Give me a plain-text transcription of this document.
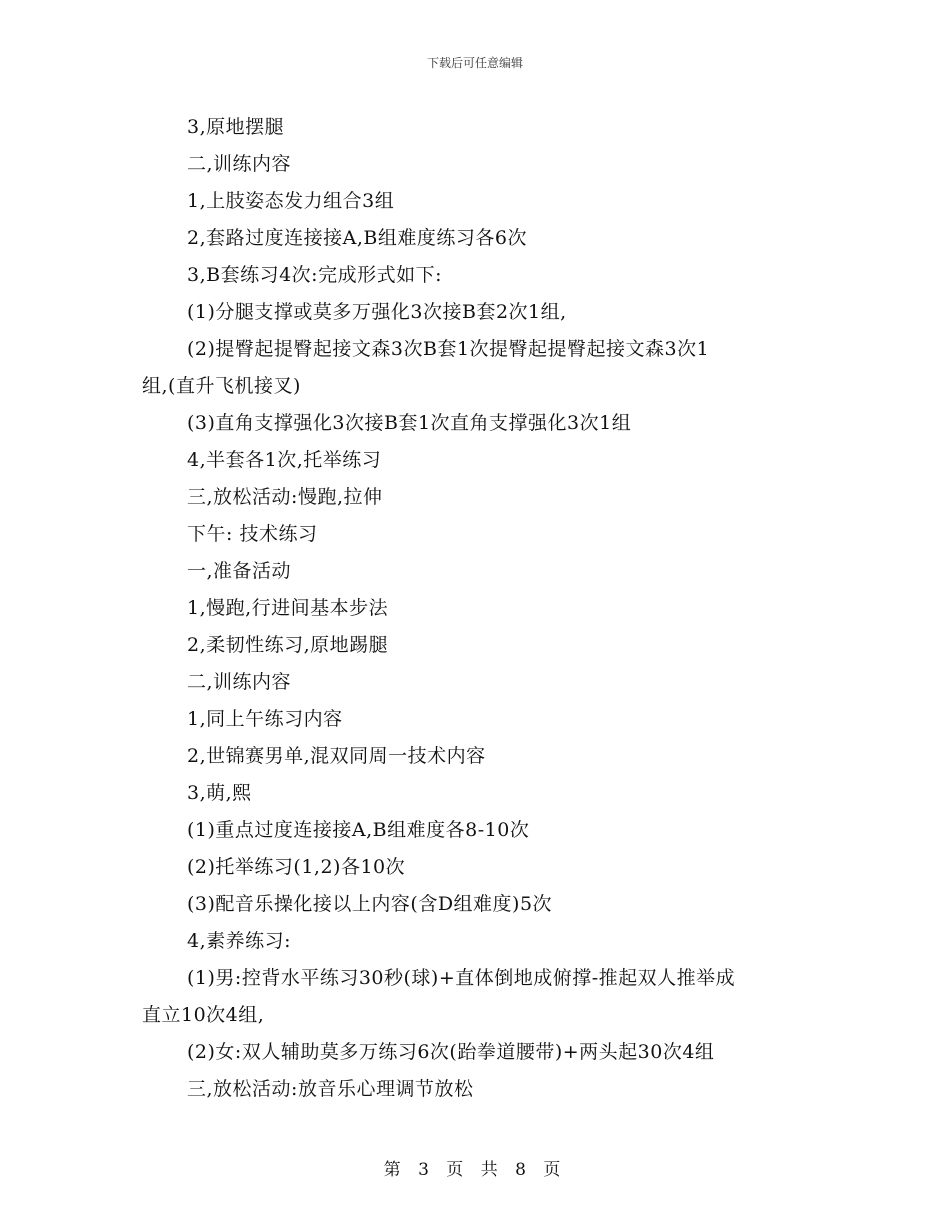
下载后可任意编辑
3,原地摆腿
二,训练内容
1,上肢姿态发力组合3组
2,套路过度连接接A,B组难度练习各6次
3,B套练习4次:完成形式如下:
(1)分腿支撑或莫多万强化3次接B套2次1组,
(2)提臀起提臀起接文森3次B套1次提臀起提臀起接文森3次1
组,(直升飞机接叉)
(3)直角支撑强化3次接B套1次直角支撑强化3次1组
4,半套各1次,托举练习
三,放松活动:慢跑,拉伸
下午: 技术练习
一,准备活动
1,慢跑,行进间基本步法
2,柔韧性练习,原地踢腿
二,训练内容
1,同上午练习内容
2,世锦赛男单,混双同周一技术内容
3,萌,熙
(1)重点过度连接接A,B组难度各8-10次
(2)托举练习(1,2)各10次
(3)配音乐操化接以上内容(含D组难度)5次
4,素养练习:
(1)男:控背水平练习30秒(球)+直体倒地成俯撑-推起双人推举成
直立10次4组,
(2)女:双人辅助莫多万练习6次(跆拳道腰带)+两头起30次4组
三,放松活动:放音乐心理调节放松
第 3 页 共 8 页
